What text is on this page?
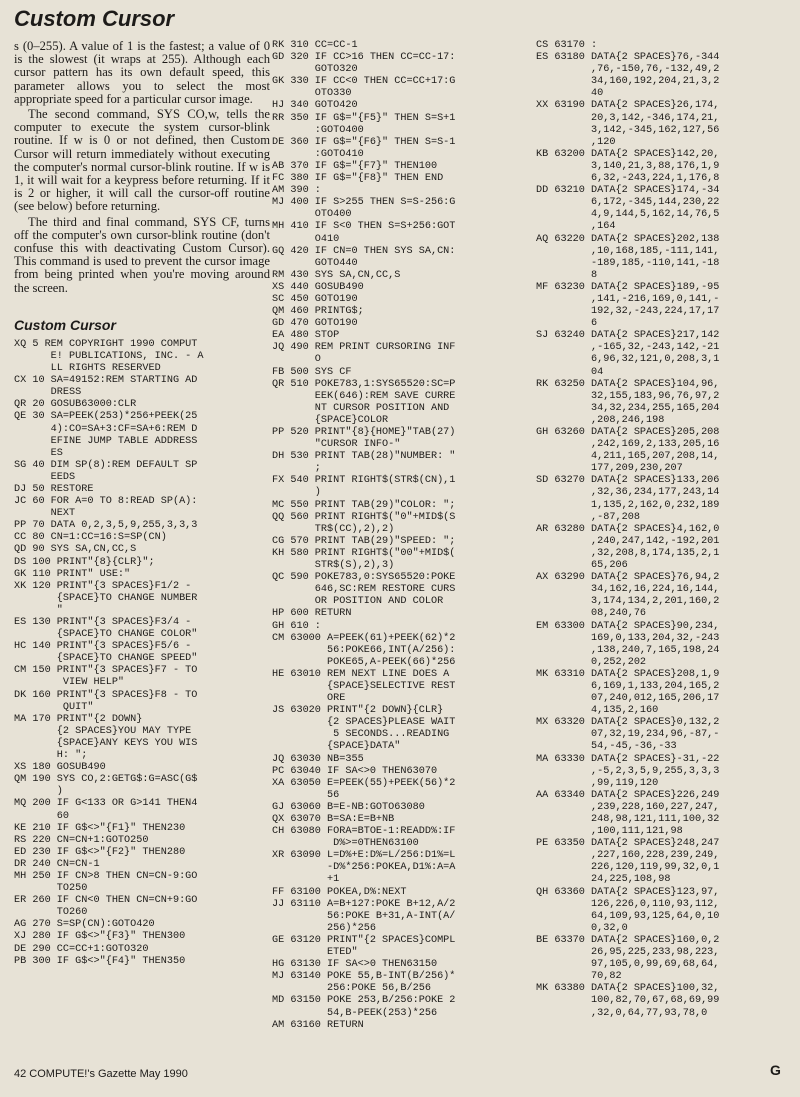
Custom Cursor

s (0–255). A value of 1 is the fastest; a value of 0 is the slowest (it wraps at 255). Although each cursor pattern has its own default speed, this parameter allows you to select the most appropriate speed for a particular cursor image.

The second command, SYS CO,w, tells the computer to execute the system cursor-blink routine. If w is 0 or not defined, then Custom Cursor will return immediately without executing the computer's normal cursor-blink routine. If w is 1, it will wait for a keypress before returning. If it is 2 or higher, it will call the cursor-off routine (see below) before returning.

The third and final command, SYS CF, turns off the computer's own cursor-blink routine (don't confuse this with deactivating Custom Cursor). This command is used to prevent the cursor image from being printed when you're moving around the screen.

Custom Cursor
XQ 5 REM COPYRIGHT 1990 COMPUT
E! PUBLICATIONS, INC. - A
LL RIGHTS RESERVED
CX 10 SA=49152:REM STARTING AD
DRESS
QR 20 GOSUB63000:CLR
QE 30 SA=PEEK(253)*256+PEEK(25
4):CO=SA+3:CF=SA+6:REM D
EFINE JUMP TABLE ADDRESS
ES
SG 40 DIM SP(8):REM DEFAULT SP
EEDS
DJ 50 RESTORE
JC 60 FOR A=0 TO 8:READ SP(A):
NEXT
PP 70 DATA 0,2,3,5,9,255,3,3,3
CC 80 CN=1:CC=16:S=SP(CN)
QD 90 SYS SA,CN,CC,S
DS 100 PRINT"{8}{CLR}";
GK 110 PRINT" USE:"
XK 120 PRINT"{3 SPACES}F1/2 -
{SPACE}TO CHANGE NUMBER
"
ES 130 PRINT"{3 SPACES}F3/4 -
{SPACE}TO CHANGE COLOR"
HC 140 PRINT"{3 SPACES}F5/6 -
{SPACE}TO CHANGE SPEED"
CM 150 PRINT"{3 SPACES}F7 - TO
VIEW HELP"
DK 160 PRINT"{3 SPACES}F8 - TO
QUIT"
MA 170 PRINT"{2 DOWN}
{2 SPACES}YOU MAY TYPE
{SPACE}ANY KEYS YOU WIS
H: ";
XS 180 GOSUB490
QM 190 SYS CO,2:GETG$:G=ASC(G$
)
MQ 200 IF G<133 OR G>141 THEN4
60
KE 210 IF G$<>"{F1}" THEN230
RS 220 CN=CN+1:GOTO250
ED 230 IF G$<>"{F2}" THEN280
DR 240 CN=CN-1
MH 250 IF CN>8 THEN CN=CN-9:GO
TO250
ER 260 IF CN<0 THEN CN=CN+9:GO
TO260
AG 270 S=SP(CN):GOTO420
XJ 280 IF G$<>"{F3}" THEN300
DE 290 CC=CC+1:GOTO320
PB 300 IF G$<>"{F4}" THEN350
RK 310 CC=CC-1
GD 320 IF CC>16 THEN CC=CC-17:
GOTO320
GK 330 IF CC<0 THEN CC=CC+17:G
OTO330
HJ 340 GOTO420
RR 350 IF G$="{F5}" THEN S=S+1
:GOTO400
DE 360 IF G$="{F6}" THEN S=S-1
:GOTO410
AB 370 IF G$="{F7}" THEN100
FC 380 IF G$="{F8}" THEN END
AM 390 :
MJ 400 IF S>255 THEN S=S-256:G
OTO400
MH 410 IF S<0 THEN S=S+256:GOT
O410
GQ 420 IF CN=0 THEN SYS SA,CN:
GOTO440
RM 430 SYS SA,CN,CC,S
XS 440 GOSUB490
SC 450 GOTO190
QM 460 PRINTG$;
GD 470 GOTO190
EA 480 STOP
JQ 490 REM PRINT CURSORING INF
O
FB 500 SYS CF
QR 510 POKE783,1:SYS65520:SC=P
EEK(646):REM SAVE CURRE
NT CURSOR POSITION AND
{SPACE}COLOR
PP 520 PRINT"{8}{HOME}"TAB(27)
"CURSOR INFO-"
DH 530 PRINT TAB(28)"NUMBER: "
;
FX 540 PRINT RIGHT$(STR$(CN),1
)
MC 550 PRINT TAB(29)"COLOR: ";
QQ 560 PRINT RIGHT$("0"+MID$(S
TR$(CC),2),2)
CG 570 PRINT TAB(29)"SPEED: ";
KH 580 PRINT RIGHT$("00"+MID$(
STR$(S),2),3)
QC 590 POKE783,0:SYS65520:POKE
646,SC:REM RESTORE CURS
OR POSITION AND COLOR
HP 600 RETURN
GH 610 :
CM 63000 A=PEEK(61)+PEEK(62)*2
56:POKE66,INT(A/256):
POKE65,A-PEEK(66)*256
HE 63010 REM NEXT LINE DOES A
{SPACE}SELECTIVE REST
ORE
JS 63020 PRINT"{2 DOWN}{CLR}
{2 SPACES}PLEASE WAIT
5 SECONDS...READING
{SPACE}DATA"
JQ 63030 NB=355
PC 63040 IF SA<>0 THEN63070
XA 63050 E=PEEK(55)+PEEK(56)*2
56
GJ 63060 B=E-NB:GOTO63080
QX 63070 B=SA:E=B+NB
CH 63080 FORA=BTOE-1:READD%:IF
D%>=0THEN63100
XR 63090 L=D%+E:D%=L/256:D1%=L
-D%*256:POKEA,D1%:A=A
+1
FF 63100 POKEA,D%:NEXT
JJ 63110 A=B+127:POKE B+12,A/2
56:POKE B+31,A-INT(A/
256)*256
GE 63120 PRINT"{2 SPACES}COMPL
ETED"
HG 63130 IF SA<>0 THEN63150
MJ 63140 POKE 55,B-INT(B/256)*
256:POKE 56,B/256
MD 63150 POKE 253,B/256:POKE 2
54,B-PEEK(253)*256
AM 63160 RETURN
CS 63170 :
ES 63180 DATA{2 SPACES}76,-344
,76,-150,76,-132,49,2
34,160,192,204,21,3,2
40
XX 63190 DATA{2 SPACES}26,174,
20,3,142,-346,174,21,
3,142,-345,162,127,56
,120
KB 63200 DATA{2 SPACES}142,20,
3,140,21,3,88,176,1,9
6,32,-243,224,1,176,8
DD 63210 DATA{2 SPACES}174,-34
6,172,-345,144,230,22
4,9,144,5,162,14,76,5
,164
AQ 63220 DATA{2 SPACES}202,138
,10,168,185,-111,141,
-189,185,-110,141,-18
8
MF 63230 DATA{2 SPACES}189,-95
,141,-216,169,0,141,-
192,32,-243,224,17,17
6
SJ 63240 DATA{2 SPACES}217,142
,-165,32,-243,142,-21
6,96,32,121,0,208,3,1
04
RK 63250 DATA{2 SPACES}104,96,
32,155,183,96,76,97,2
34,32,234,255,165,204
,208,246,198
GH 63260 DATA{2 SPACES}205,208
,242,169,2,133,205,16
4,211,165,207,208,14,
177,209,230,207
SD 63270 DATA{2 SPACES}133,206
,32,36,234,177,243,14
1,135,2,162,0,232,189
,-87,208
AR 63280 DATA{2 SPACES}4,162,0
,240,247,142,-192,201
,32,208,8,174,135,2,1
65,206
AX 63290 DATA{2 SPACES}76,94,2
34,162,16,224,16,144,
3,174,134,2,201,160,2
08,240,76
EM 63300 DATA{2 SPACES}90,234,
169,0,133,204,32,-243
,138,240,7,165,198,24
0,252,202
MK 63310 DATA{2 SPACES}208,1,9
6,169,1,133,204,165,2
07,240,012,165,206,17
4,135,2,160
MX 63320 DATA{2 SPACES}0,132,2
07,32,19,234,96,-87,-
54,-45,-36,-33
MA 63330 DATA{2 SPACES}-31,-22
,-5,2,3,5,9,255,3,3,3
,99,119,120
AA 63340 DATA{2 SPACES}226,249
,239,228,160,227,247,
248,98,121,111,100,32
,100,111,121,98
PE 63350 DATA{2 SPACES}248,247
,227,160,228,239,249,
226,120,119,99,32,0,1
24,225,108,98
QH 63360 DATA{2 SPACES}123,97,
126,226,0,110,93,112,
64,109,93,125,64,0,10
0,32,0
BE 63370 DATA{2 SPACES}160,0,2
26,95,225,233,98,223,
97,105,0,99,69,68,64,
70,82
MK 63380 DATA{2 SPACES}100,32,
100,82,70,67,68,69,99
,32,0,64,77,93,78,0
42 COMPUTE!'s Gazette May 1990	G
